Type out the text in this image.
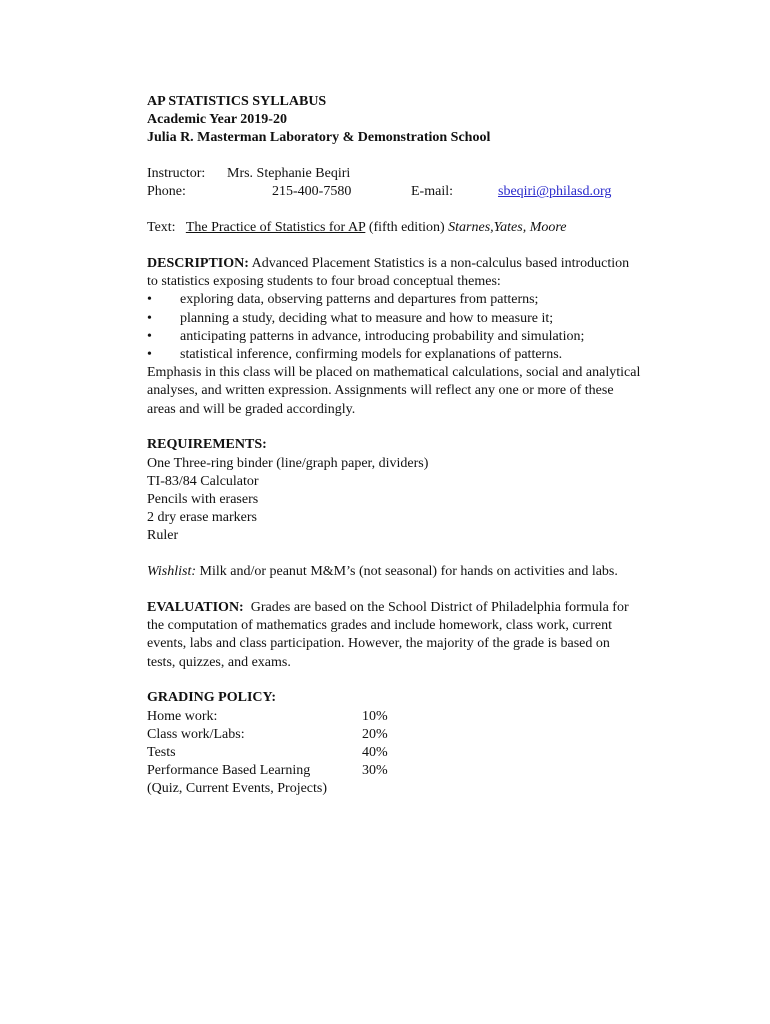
AP STATISTICS SYLLABUS
Academic Year 2019-20
Julia R. Masterman Laboratory & Demonstration School
Instructor: Mrs. Stephanie Beqiri
Phone:	215-400-7580	E-mail:	sbeqiri@philasd.org
Text: The Practice of Statistics for AP (fifth edition) Starnes,Yates, Moore
DESCRIPTION: Advanced Placement Statistics is a non-calculus based introduction
to statistics exposing students to four broad conceptual themes:
• exploring data, observing patterns and departures from patterns;
• planning a study, deciding what to measure and how to measure it;
• anticipating patterns in advance, introducing probability and simulation;
• statistical inference, confirming models for explanations of patterns.
Emphasis in this class will be placed on mathematical calculations, social and analytical
analyses, and written expression. Assignments will reflect any one or more of these
areas and will be graded accordingly.
REQUIREMENTS:
One Three-ring binder (line/graph paper, dividers)
TI-83/84 Calculator
Pencils with erasers
2 dry erase markers
Ruler
Wishlist: Milk and/or peanut M&M’s (not seasonal) for hands on activities and labs.
EVALUATION: Grades are based on the School District of Philadelphia formula for
the computation of mathematics grades and include homework, class work, current
events, labs and class participation. However, the majority of the grade is based on
tests, quizzes, and exams.
GRADING POLICY:
Home work:	10%
Class work/Labs:	20%
Tests	40%
Performance Based Learning	30%
(Quiz, Current Events, Projects)
